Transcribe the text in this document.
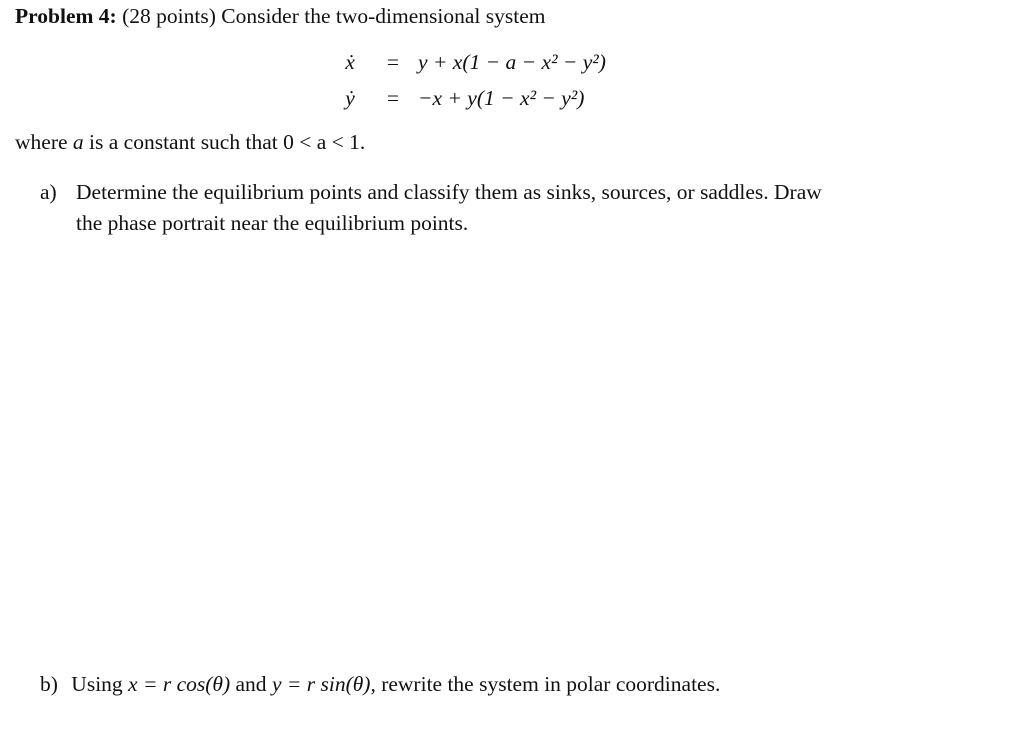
Problem 4: (28 points) Consider the two-dimensional system
ẋ	= y + x(1 − a − x² − y²)
ẏ	= −x + y(1 − x² − y²)
where a is a constant such that 0 < a < 1.
a) Determine the equilibrium points and classify them as sinks, sources, or saddles. Draw
the phase portrait near the equilibrium points.
b) Using x = r cos(θ) and y = r sin(θ), rewrite the system in polar coordinates.
